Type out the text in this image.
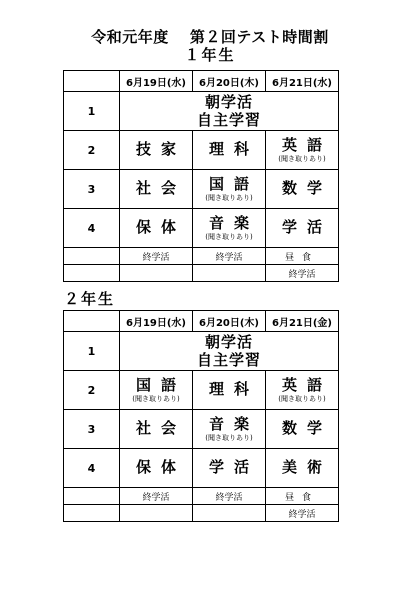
令和元年度　 第２回テスト時間割
１年生
	6月19日(水)	6月20日(木)	6月21日(水)
1	朝学活
自主学習		

2	技家	理科	英語
(聞き取りあり)

3	社会	国語
(聞き取りあり)	数学

4	保体	音楽
(聞き取りあり)	学活

	終学活	終学活	昼食
			終学活
２年生
	6月19日(水)	6月20日(木)	6月21日(金)
1	朝学活
自主学習		

2	国語
(聞き取りあり)	理科	英語
(聞き取りあり)

3	社会	音楽
(聞き取りあり)	数学

4	保体	学活	美術

	終学活	終学活	昼食
			終学活
